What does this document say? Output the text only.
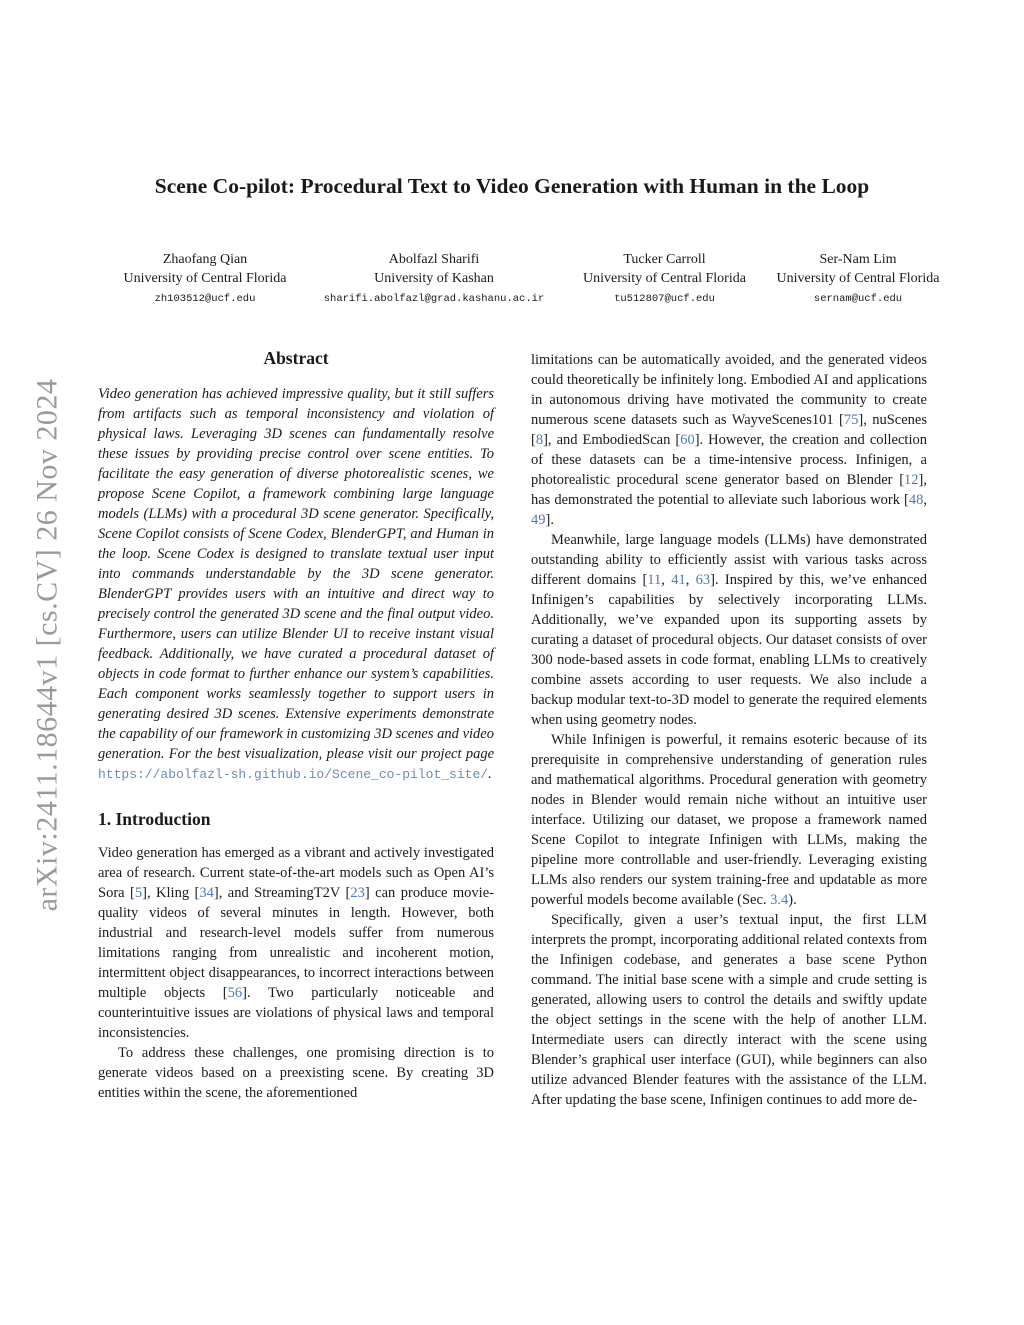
arXiv:2411.18644v1 [cs.CV] 26 Nov 2024
Scene Co-pilot: Procedural Text to Video Generation with Human in the Loop
Zhaofang Qian
University of Central Florida
zh103512@ucf.edu
Abolfazl Sharifi
University of Kashan
sharifi.abolfazl@grad.kashanu.ac.ir
Tucker Carroll
University of Central Florida
tu512807@ucf.edu
Ser-Nam Lim
University of Central Florida
sernam@ucf.edu
Abstract

Video generation has achieved impressive quality, but it still suffers from artifacts such as temporal inconsistency and violation of physical laws. Leveraging 3D scenes can fundamentally resolve these issues by providing precise control over scene entities. To facilitate the easy generation of diverse photorealistic scenes, we propose Scene Copilot, a framework combining large language models (LLMs) with a procedural 3D scene generator. Specifically, Scene Copilot consists of Scene Codex, BlenderGPT, and Human in the loop. Scene Codex is designed to translate textual user input into commands understandable by the 3D scene generator. BlenderGPT provides users with an intuitive and direct way to precisely control the generated 3D scene and the final output video. Furthermore, users can utilize Blender UI to receive instant visual feedback. Additionally, we have curated a procedural dataset of objects in code format to further enhance our system’s capabilities. Each component works seamlessly together to support users in generating desired 3D scenes. Extensive experiments demonstrate the capability of our framework in customizing 3D scenes and video generation. For the best visualization, please visit our project page https://abolfazl-sh.github.io/Scene_co-pilot_site/.

1. Introduction

Video generation has emerged as a vibrant and actively investigated area of research. Current state-of-the-art models such as Open AI’s Sora [5], Kling [34], and StreamingT2V [23] can produce movie-quality videos of several minutes in length. However, both industrial and research-level models suffer from numerous limitations ranging from unrealistic and incoherent motion, intermittent object disappearances, to incorrect interactions between multiple objects [56]. Two particularly noticeable and counterintuitive issues are violations of physical laws and temporal inconsistencies.

To address these challenges, one promising direction is to generate videos based on a preexisting scene. By creating 3D entities within the scene, the aforementioned

limitations can be automatically avoided, and the generated videos could theoretically be infinitely long. Embodied AI and applications in autonomous driving have motivated the community to create numerous scene datasets such as WayveScenes101 [75], nuScenes [8], and EmbodiedScan [60]. However, the creation and collection of these datasets can be a time-intensive process. Infinigen, a photorealistic procedural scene generator based on Blender [12], has demonstrated the potential to alleviate such laborious work [48, 49].

Meanwhile, large language models (LLMs) have demonstrated outstanding ability to efficiently assist with various tasks across different domains [11, 41, 63]. Inspired by this, we’ve enhanced Infinigen’s capabilities by selectively incorporating LLMs. Additionally, we’ve expanded upon its supporting assets by curating a dataset of procedural objects. Our dataset consists of over 300 node-based assets in code format, enabling LLMs to creatively combine assets according to user requests. We also include a backup modular text-to-3D model to generate the required elements when using geometry nodes.

While Infinigen is powerful, it remains esoteric because of its prerequisite in comprehensive understanding of generation rules and mathematical algorithms. Procedural generation with geometry nodes in Blender would remain niche without an intuitive user interface. Utilizing our dataset, we propose a framework named Scene Copilot to integrate Infinigen with LLMs, making the pipeline more controllable and user-friendly. Leveraging existing LLMs also renders our system training-free and updatable as more powerful models become available (Sec. 3.4).

Specifically, given a user’s textual input, the first LLM interprets the prompt, incorporating additional related contexts from the Infinigen codebase, and generates a base scene Python command. The initial base scene with a simple and crude setting is generated, allowing users to control the details and swiftly update the object settings in the scene with the help of another LLM. Intermediate users can directly interact with the scene using Blender’s graphical user interface (GUI), while beginners can also utilize advanced Blender features with the assistance of the LLM. After updating the base scene, Infinigen continues to add more de-
